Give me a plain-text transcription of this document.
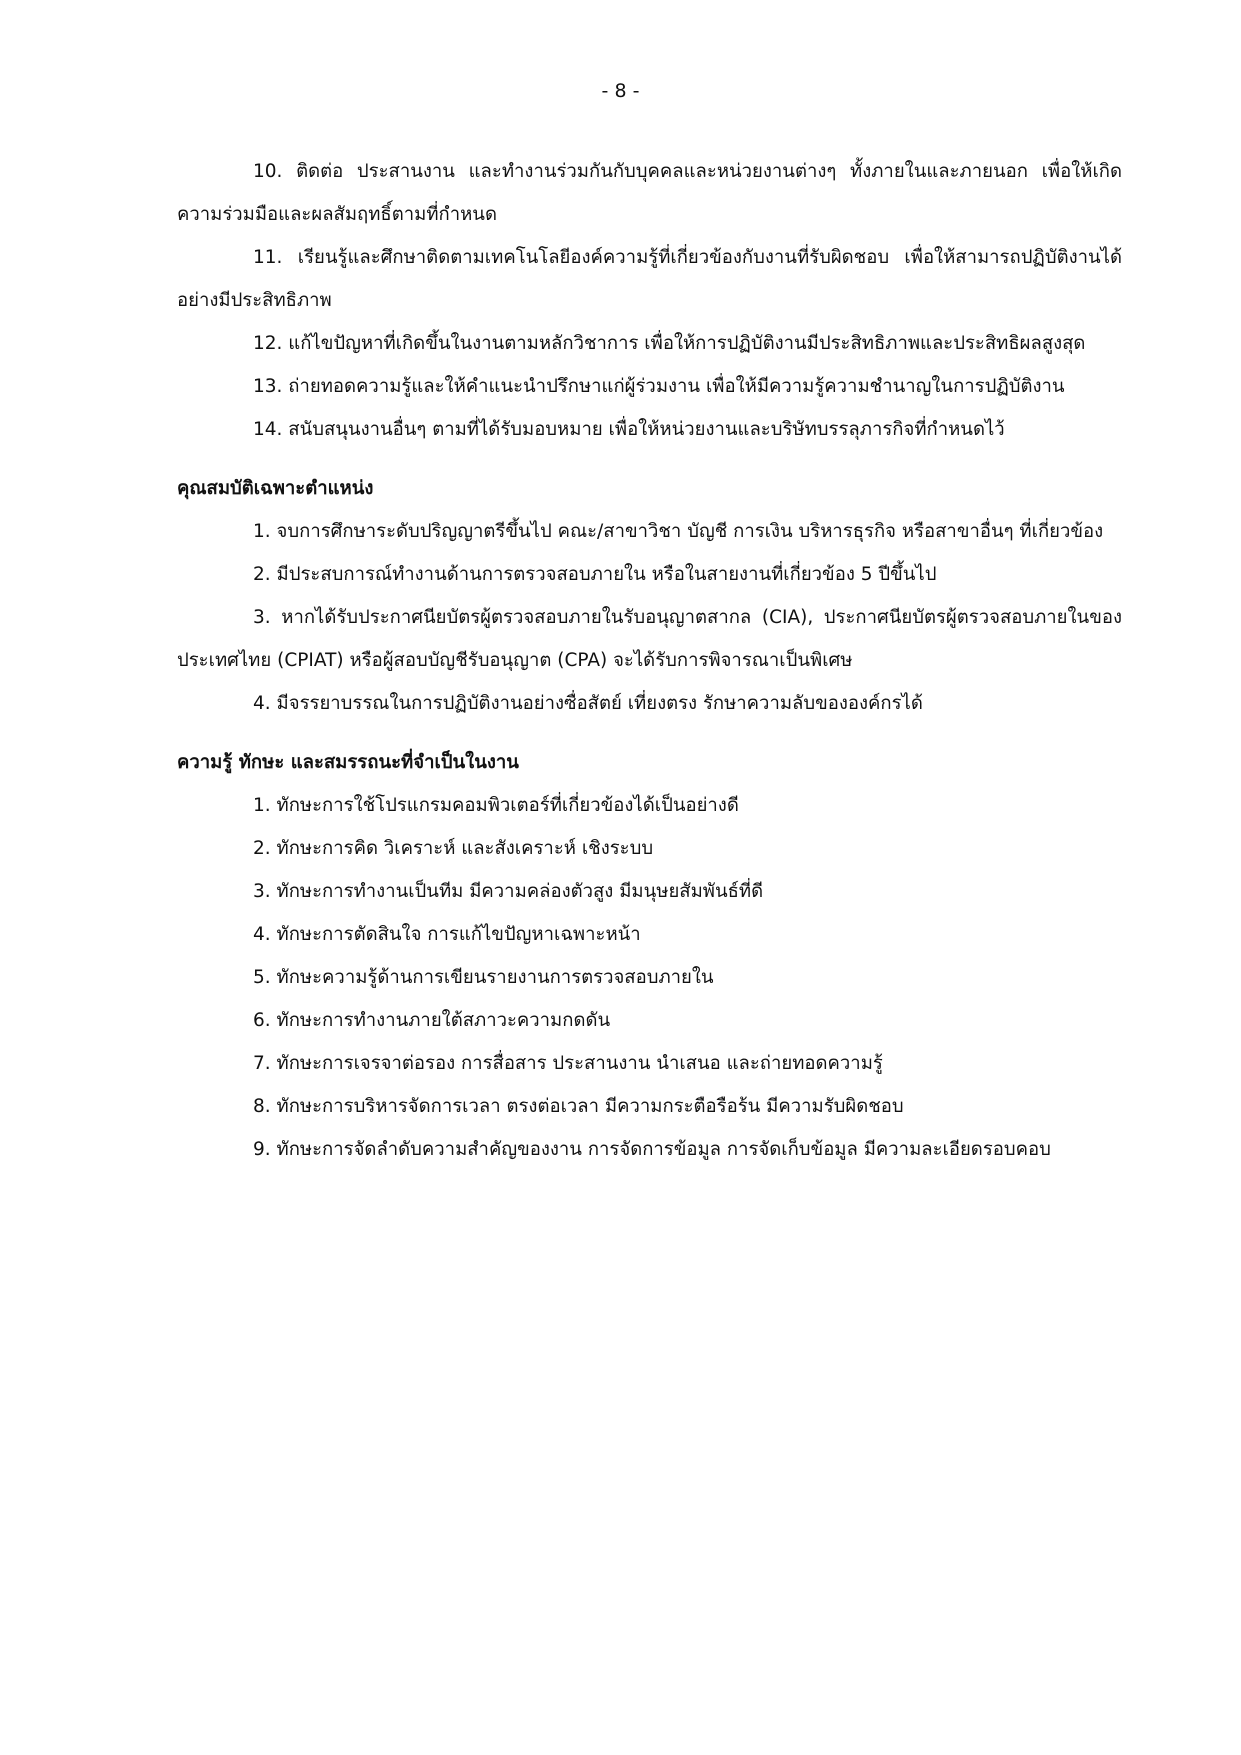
- 8 -

10. ติดต่อ ประสานงาน และทำงานร่วมกันกับบุคคลและหน่วยงานต่างๆ ทั้งภายในและภายนอก เพื่อให้เกิดความร่วมมือและผลสัมฤทธิ์ตามที่กำหนด

11. เรียนรู้และศึกษาติดตามเทคโนโลยีองค์ความรู้ที่เกี่ยวข้องกับงานที่รับผิดชอบ เพื่อให้สามารถปฏิบัติงานได้อย่างมีประสิทธิภาพ

12. แก้ไขปัญหาที่เกิดขึ้นในงานตามหลักวิชาการ เพื่อให้การปฏิบัติงานมีประสิทธิภาพและประสิทธิผลสูงสุด

13. ถ่ายทอดความรู้และให้คำแนะนำปรึกษาแก่ผู้ร่วมงาน เพื่อให้มีความรู้ความชำนาญในการปฏิบัติงาน

14. สนับสนุนงานอื่นๆ ตามที่ได้รับมอบหมาย เพื่อให้หน่วยงานและบริษัทบรรลุภารกิจที่กำหนดไว้

คุณสมบัติเฉพาะตำแหน่ง

1. จบการศึกษาระดับปริญญาตรีขึ้นไป คณะ/สาขาวิชา บัญชี การเงิน บริหารธุรกิจ หรือสาขาอื่นๆ ที่เกี่ยวข้อง

2. มีประสบการณ์ทำงานด้านการตรวจสอบภายใน หรือในสายงานที่เกี่ยวข้อง 5 ปีขึ้นไป

3. หากได้รับประกาศนียบัตรผู้ตรวจสอบภายในรับอนุญาตสากล (CIA), ประกาศนียบัตรผู้ตรวจสอบภายในของประเทศไทย (CPIAT) หรือผู้สอบบัญชีรับอนุญาต (CPA) จะได้รับการพิจารณาเป็นพิเศษ

4. มีจรรยาบรรณในการปฏิบัติงานอย่างซื่อสัตย์ เที่ยงตรง รักษาความลับขององค์กรได้

ความรู้ ทักษะ และสมรรถนะที่จำเป็นในงาน

1. ทักษะการใช้โปรแกรมคอมพิวเตอร์ที่เกี่ยวข้องได้เป็นอย่างดี

2. ทักษะการคิด วิเคราะห์ และสังเคราะห์ เชิงระบบ

3. ทักษะการทำงานเป็นทีม มีความคล่องตัวสูง มีมนุษยสัมพันธ์ที่ดี

4. ทักษะการตัดสินใจ การแก้ไขปัญหาเฉพาะหน้า

5. ทักษะความรู้ด้านการเขียนรายงานการตรวจสอบภายใน

6. ทักษะการทำงานภายใต้สภาวะความกดดัน

7. ทักษะการเจรจาต่อรอง การสื่อสาร ประสานงาน นำเสนอ และถ่ายทอดความรู้

8. ทักษะการบริหารจัดการเวลา ตรงต่อเวลา มีความกระตือรือร้น มีความรับผิดชอบ

9. ทักษะการจัดลำดับความสำคัญของงาน การจัดการข้อมูล การจัดเก็บข้อมูล มีความละเอียดรอบคอบ
